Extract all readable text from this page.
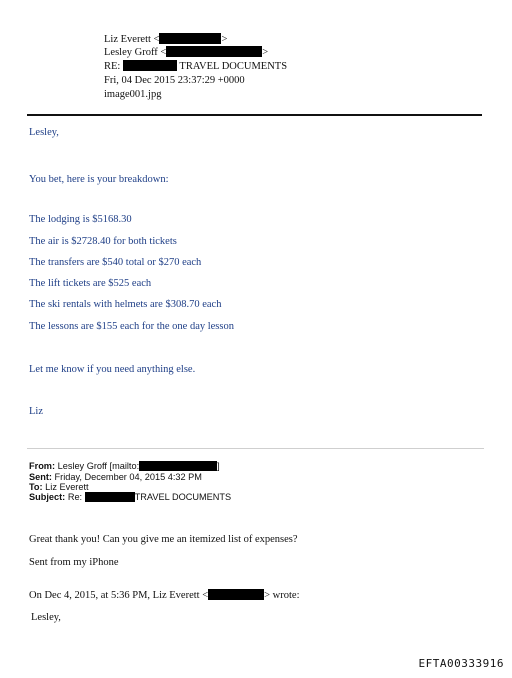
Liz Everett <	>
Lesley Groff <	>
RE:	TRAVEL DOCUMENTS
Fri, 04 Dec 2015 23:37:29 +0000
image001.jpg
Lesley,
You bet, here is your breakdown:
The lodging is $5168.30
The air is $2728.40 for both tickets
The transfers are $540 total or $270 each
The lift tickets are $525 each
The ski rentals with helmets are $308.70 each
The lessons are $155 each for the one day lesson
Let me know if you need anything else.
Liz
From: Lesley Groff [mailto:	]
Sent: Friday, December 04, 2015 4:32 PM
To: Liz Everett
Subject: Re:	TRAVEL DOCUMENTS
Great thank you! Can you give me an itemized list of expenses?
Sent from my iPhone
On Dec 4, 2015, at 5:36 PM, Liz Everett <	> wrote:
Lesley,
EFTA00333916
